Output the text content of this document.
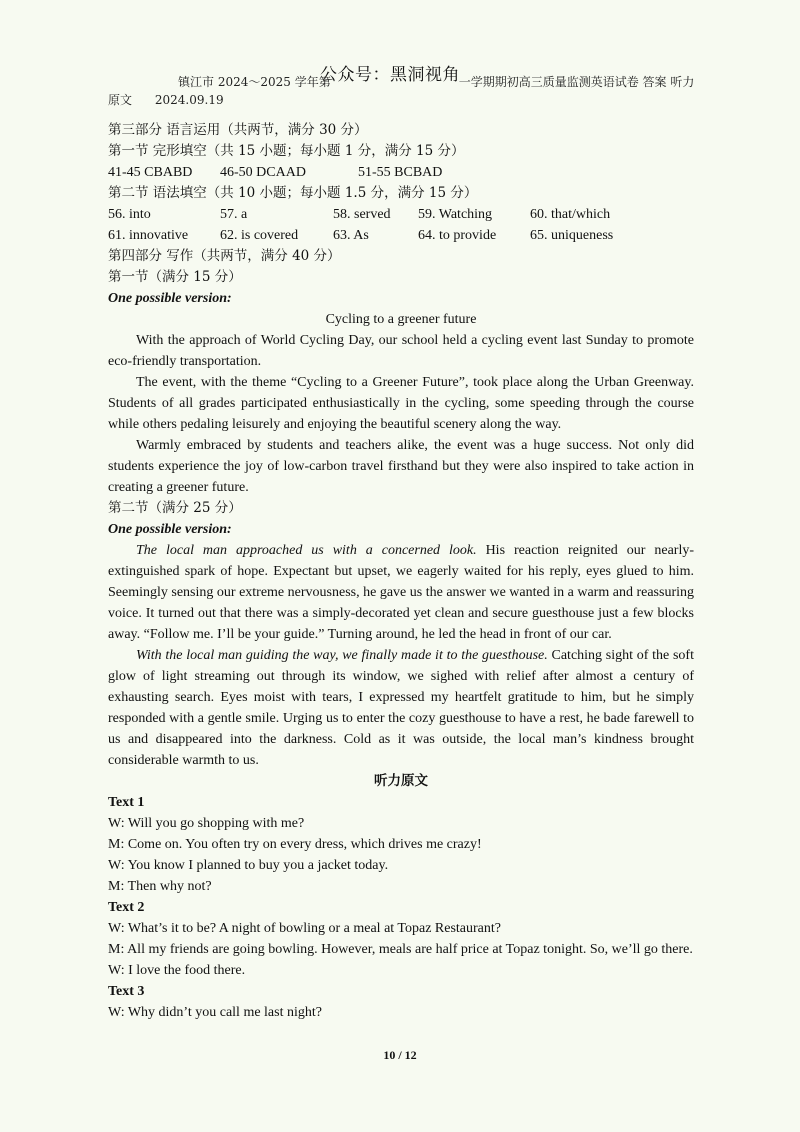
公众号：黑洞视角
镇江市 2024～2025 学年第	一学期期初高三质量监测英语试卷 答案 听力
原文      2024.09.19
第三部分 语言运用（共两节，满分 30 分）
第一节 完形填空（共 15 小题；每小题 1 分，满分 15 分）
41-45 CBABD	46-50 DCAAD	51-55 BCBAD
第二节 语法填空（共 10 小题；每小题 1.5 分，满分 15 分）
56. into	57. a	58. served	59. Watching	60. that/which
61. innovative	62. is covered	63. As	64. to provide	65. uniqueness
第四部分 写作（共两节，满分 40 分）
第一节（满分 15 分）
One possible version:
Cycling to a greener future

With the approach of World Cycling Day, our school held a cycling event last Sunday to promote eco-friendly transportation.

The event, with the theme “Cycling to a Greener Future”, took place along the Urban Greenway. Students of all grades participated enthusiastically in the cycling, some speeding through the course while others pedaling leisurely and enjoying the beautiful scenery along the way.

Warmly embraced by students and teachers alike, the event was a huge success. Not only did students experience the joy of low-carbon travel firsthand but they were also inspired to take action in creating a greener future.

第二节（满分 25 分）
One possible version:

The local man approached us with a concerned look. His reaction reignited our nearly-extinguished spark of hope. Expectant but upset, we eagerly waited for his reply, eyes glued to him. Seemingly sensing our extreme nervousness, he gave us the answer we wanted in a warm and reassuring voice. It turned out that there was a simply-decorated yet clean and secure guesthouse just a few blocks away. “Follow me. I’ll be your guide.” Turning around, he led the head in front of our car.

With the local man guiding the way, we finally made it to the guesthouse. Catching sight of the soft glow of light streaming out through its window, we sighed with relief after almost a century of exhausting search. Eyes moist with tears, I expressed my heartfelt gratitude to him, but he simply responded with a gentle smile. Urging us to enter the cozy guesthouse to have a rest, he bade farewell to us and disappeared into the darkness. Cold as it was outside, the local man’s kindness brought considerable warmth to us.

听力原文
Text 1
W: Will you go shopping with me?
M: Come on. You often try on every dress, which drives me crazy!
W: You know I planned to buy you a jacket today.
M: Then why not?
Text 2
W: What’s it to be? A night of bowling or a meal at Topaz Restaurant?

M: All my friends are going bowling. However, meals are half price at Topaz tonight. So, we’ll go there.

W: I love the food there.
Text 3
W: Why didn’t you call me last night?
10 / 12
